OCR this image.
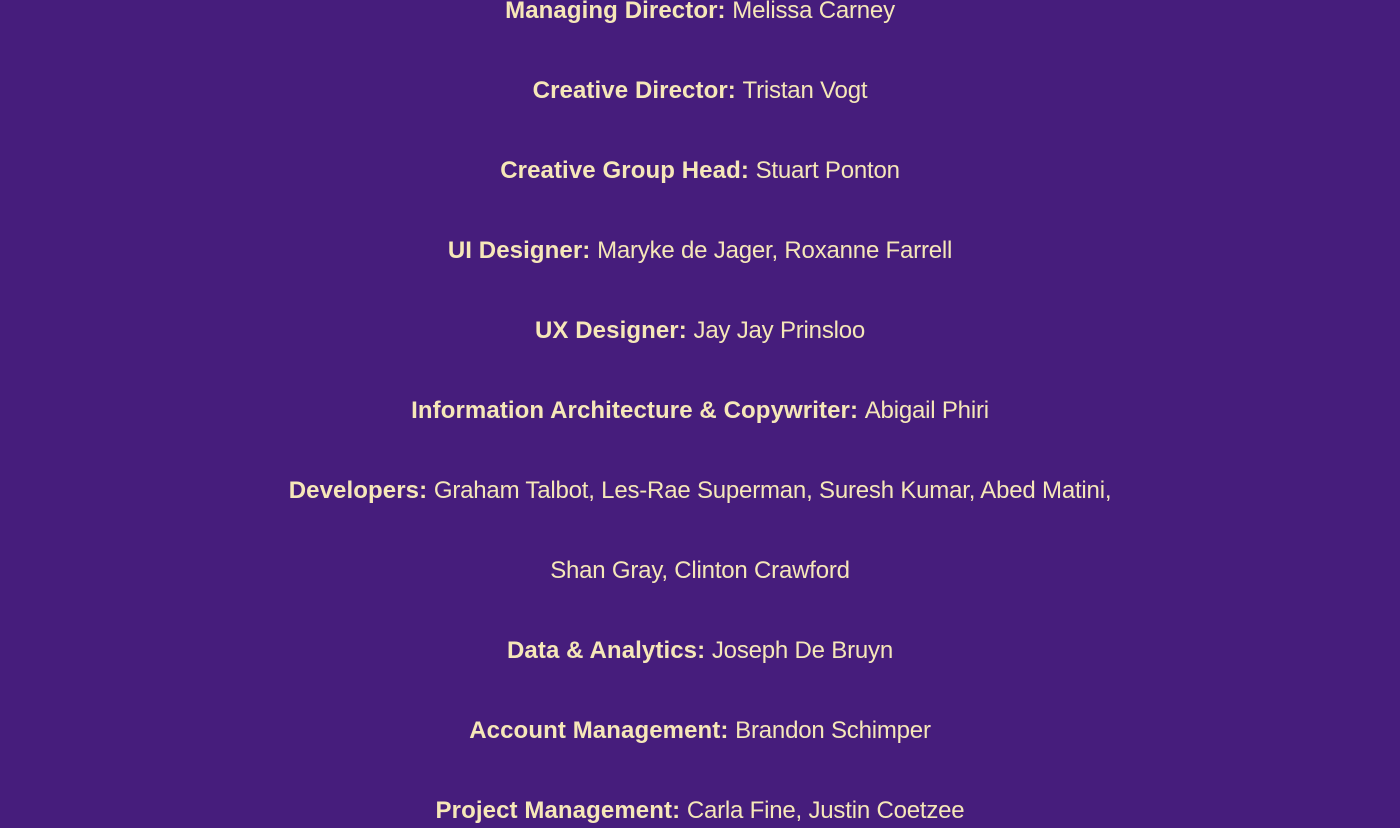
Managing Director: Melissa Carney
Creative Director: Tristan Vogt
Creative Group Head: Stuart Ponton
UI Designer: Maryke de Jager, Roxanne Farrell
UX Designer: Jay Jay Prinsloo
Information Architecture & Copywriter: Abigail Phiri
Developers: Graham Talbot, Les-Rae Superman, Suresh Kumar, Abed Matini,
Shan Gray, Clinton Crawford
Data & Analytics: Joseph De Bruyn
Account Management: Brandon Schimper
Project Management: Carla Fine, Justin Coetzee
